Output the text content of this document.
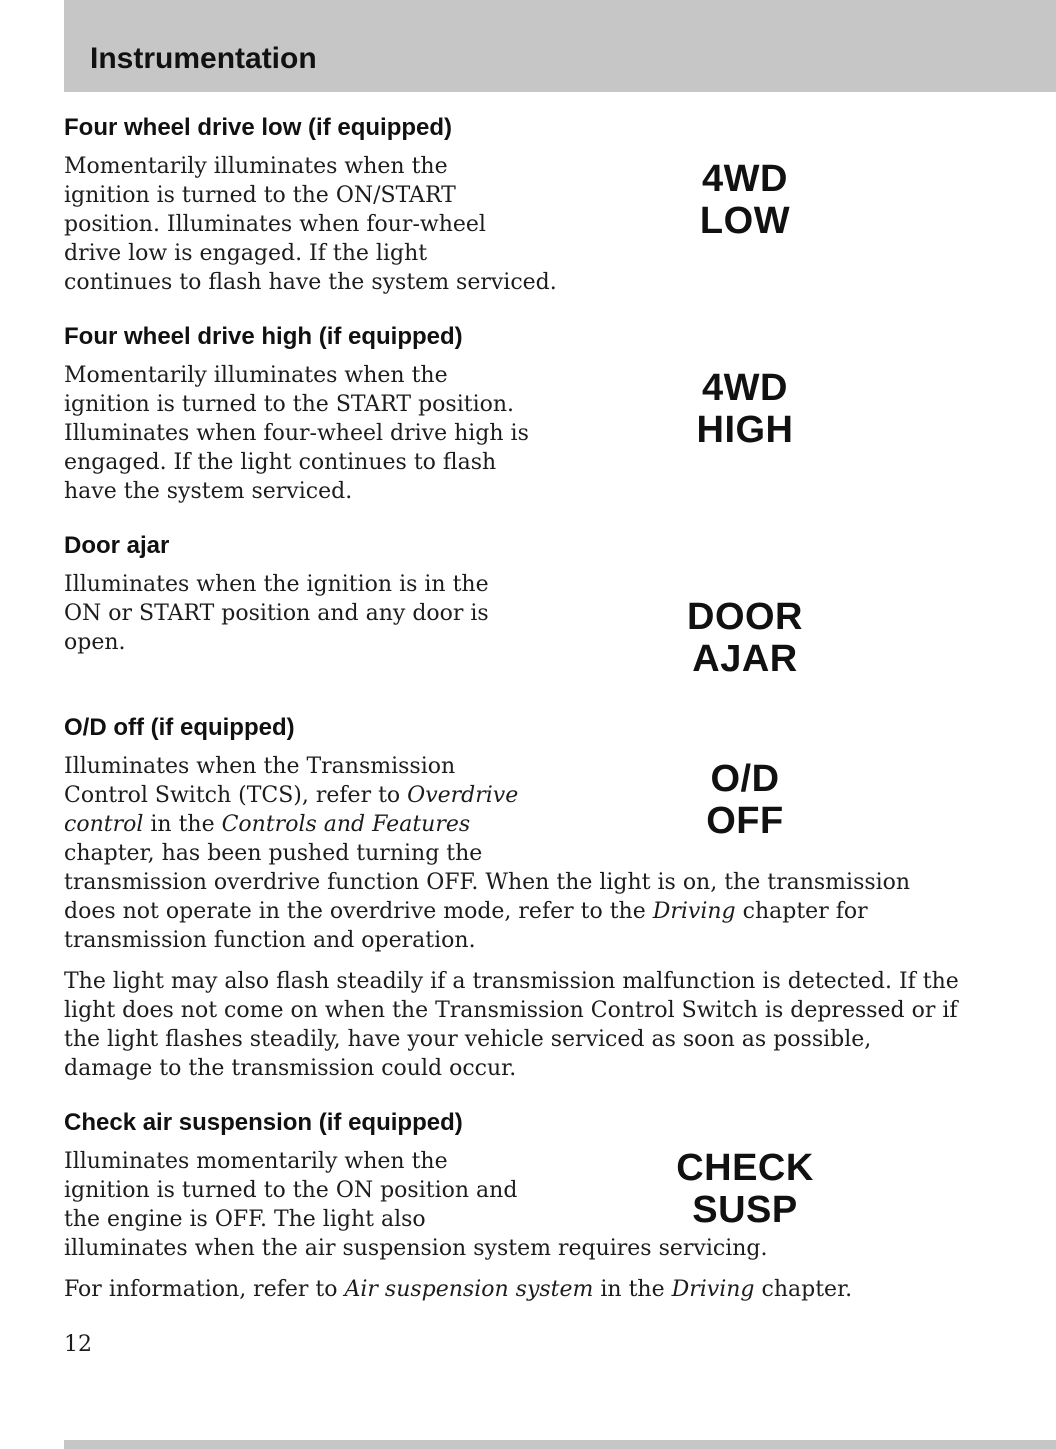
Instrumentation
Four wheel drive low (if equipped)
4WD
LOW

Momentarily illuminates when the ignition is turned to the ON/START position. Illuminates when four-wheel drive low is engaged. If the light continues to flash have the system serviced.

Four wheel drive high (if equipped)
4WD
HIGH

Momentarily illuminates when the ignition is turned to the START position. Illuminates when four-wheel drive high is engaged. If the light continues to flash have the system serviced.

Door ajar
DOOR
AJAR

Illuminates when the ignition is in the ON or START position and any door is open.

O/D off (if equipped)
O/D
OFF

Illuminates when the Transmission Control Switch (TCS), refer to Overdrive control in the Controls and Features chapter, has been pushed turning the transmission overdrive function OFF. When the light is on, the transmission does not operate in the overdrive mode, refer to the Driving chapter for transmission function and operation.

The light may also flash steadily if a transmission malfunction is detected. If the light does not come on when the Transmission Control Switch is depressed or if the light flashes steadily, have your vehicle serviced as soon as possible, damage to the transmission could occur.

Check air suspension (if equipped)
CHECK
SUSP

Illuminates momentarily when the ignition is turned to the ON position and the engine is OFF. The light also illuminates when the air suspension system requires servicing.

For information, refer to Air suspension system in the Driving chapter.

12
